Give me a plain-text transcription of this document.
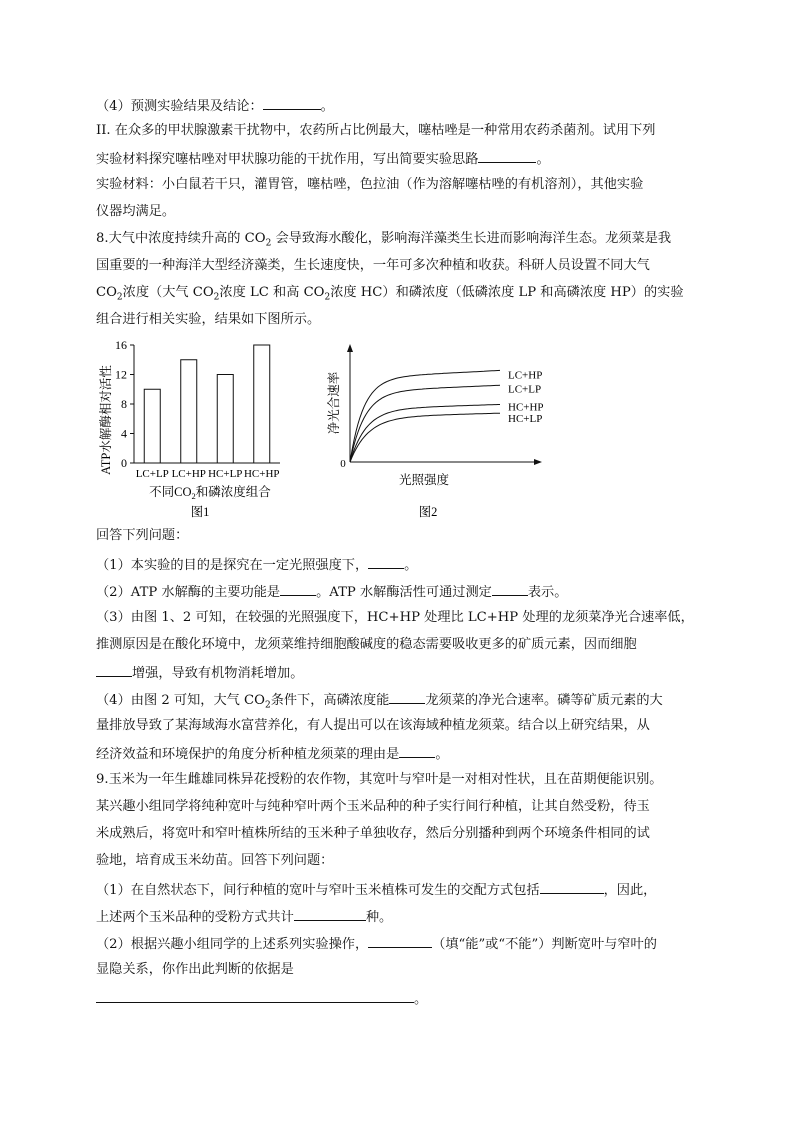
（4）预测实验结果及结论：	。
II. 在众多的甲状腺激素干扰物中，农药所占比例最大，噻枯唑是一种常用农药杀菌剂。试用下列
实验材料探究噻枯唑对甲状腺功能的干扰作用，写出简要实验思路	。
实验材料：小白鼠若干只，灌胃管，噻枯唑，色拉油（作为溶解噻枯唑的有机溶剂），其他实验
仪器均满足。
8.大气中浓度持续升高的 $CO_2$ 会导致海水酸化，影响海洋藻类生长进而影响海洋生态。龙须菜是我
国重要的一种海洋大型经济藻类，生长速度快，一年可多次种植和收获。科研人员设置不同大气
$CO_2$浓度（大气 $CO_2$浓度 LC 和高 $CO_2$浓度 HC）和磷浓度（低磷浓度 LP 和高磷浓度 HP）的实验
组合进行相关实验，结果如下图所示。
ATP水解酶相对活性 0
4
8
12
16
LC+LP LC+HP HC+LP HC+HP
不同$CO_2$和磷浓度组合
图1
净光合速率
0
LC+HP
LC+LP
HC+HP
HC+LP
光照强度
图2
回答下列问题：
（1）本实验的目的是探究在一定光照强度下，	。
（2）ATP 水解酶的主要功能是	。ATP 水解酶活性可通过测定	表示。
（3）由图 1、2 可知，在较强的光照强度下，HC+HP 处理比 LC+HP 处理的龙须菜净光合速率低，
推测原因是在酸化环境中，龙须菜维持细胞酸碱度的稳态需要吸收更多的矿质元素，因而细胞
增强，导致有机物消耗增加。
（4）由图 2 可知，大气 $CO_2$条件下，高磷浓度能	龙须菜的净光合速率。磷等矿质元素的大
量排放导致了某海域海水富营养化，有人提出可以在该海域种植龙须菜。结合以上研究结果，从
经济效益和环境保护的角度分析种植龙须菜的理由是	。
9.玉米为一年生雌雄同株异花授粉的农作物，其宽叶与窄叶是一对相对性状，且在苗期便能识别。
某兴趣小组同学将纯种宽叶与纯种窄叶两个玉米品种的种子实行间行种植，让其自然受粉，待玉
米成熟后，将宽叶和窄叶植株所结的玉米种子单独收存，然后分别播种到两个环境条件相同的试
验地，培育成玉米幼苗。回答下列问题：
（1）在自然状态下，间行种植的宽叶与窄叶玉米植株可发生的交配方式包括	，因此，
上述两个玉米品种的受粉方式共计	种。
（2）根据兴趣小组同学的上述系列实验操作，	（填“能”或“不能”）判断宽叶与窄叶的
显隐关系，你作出此判断的依据是
。
